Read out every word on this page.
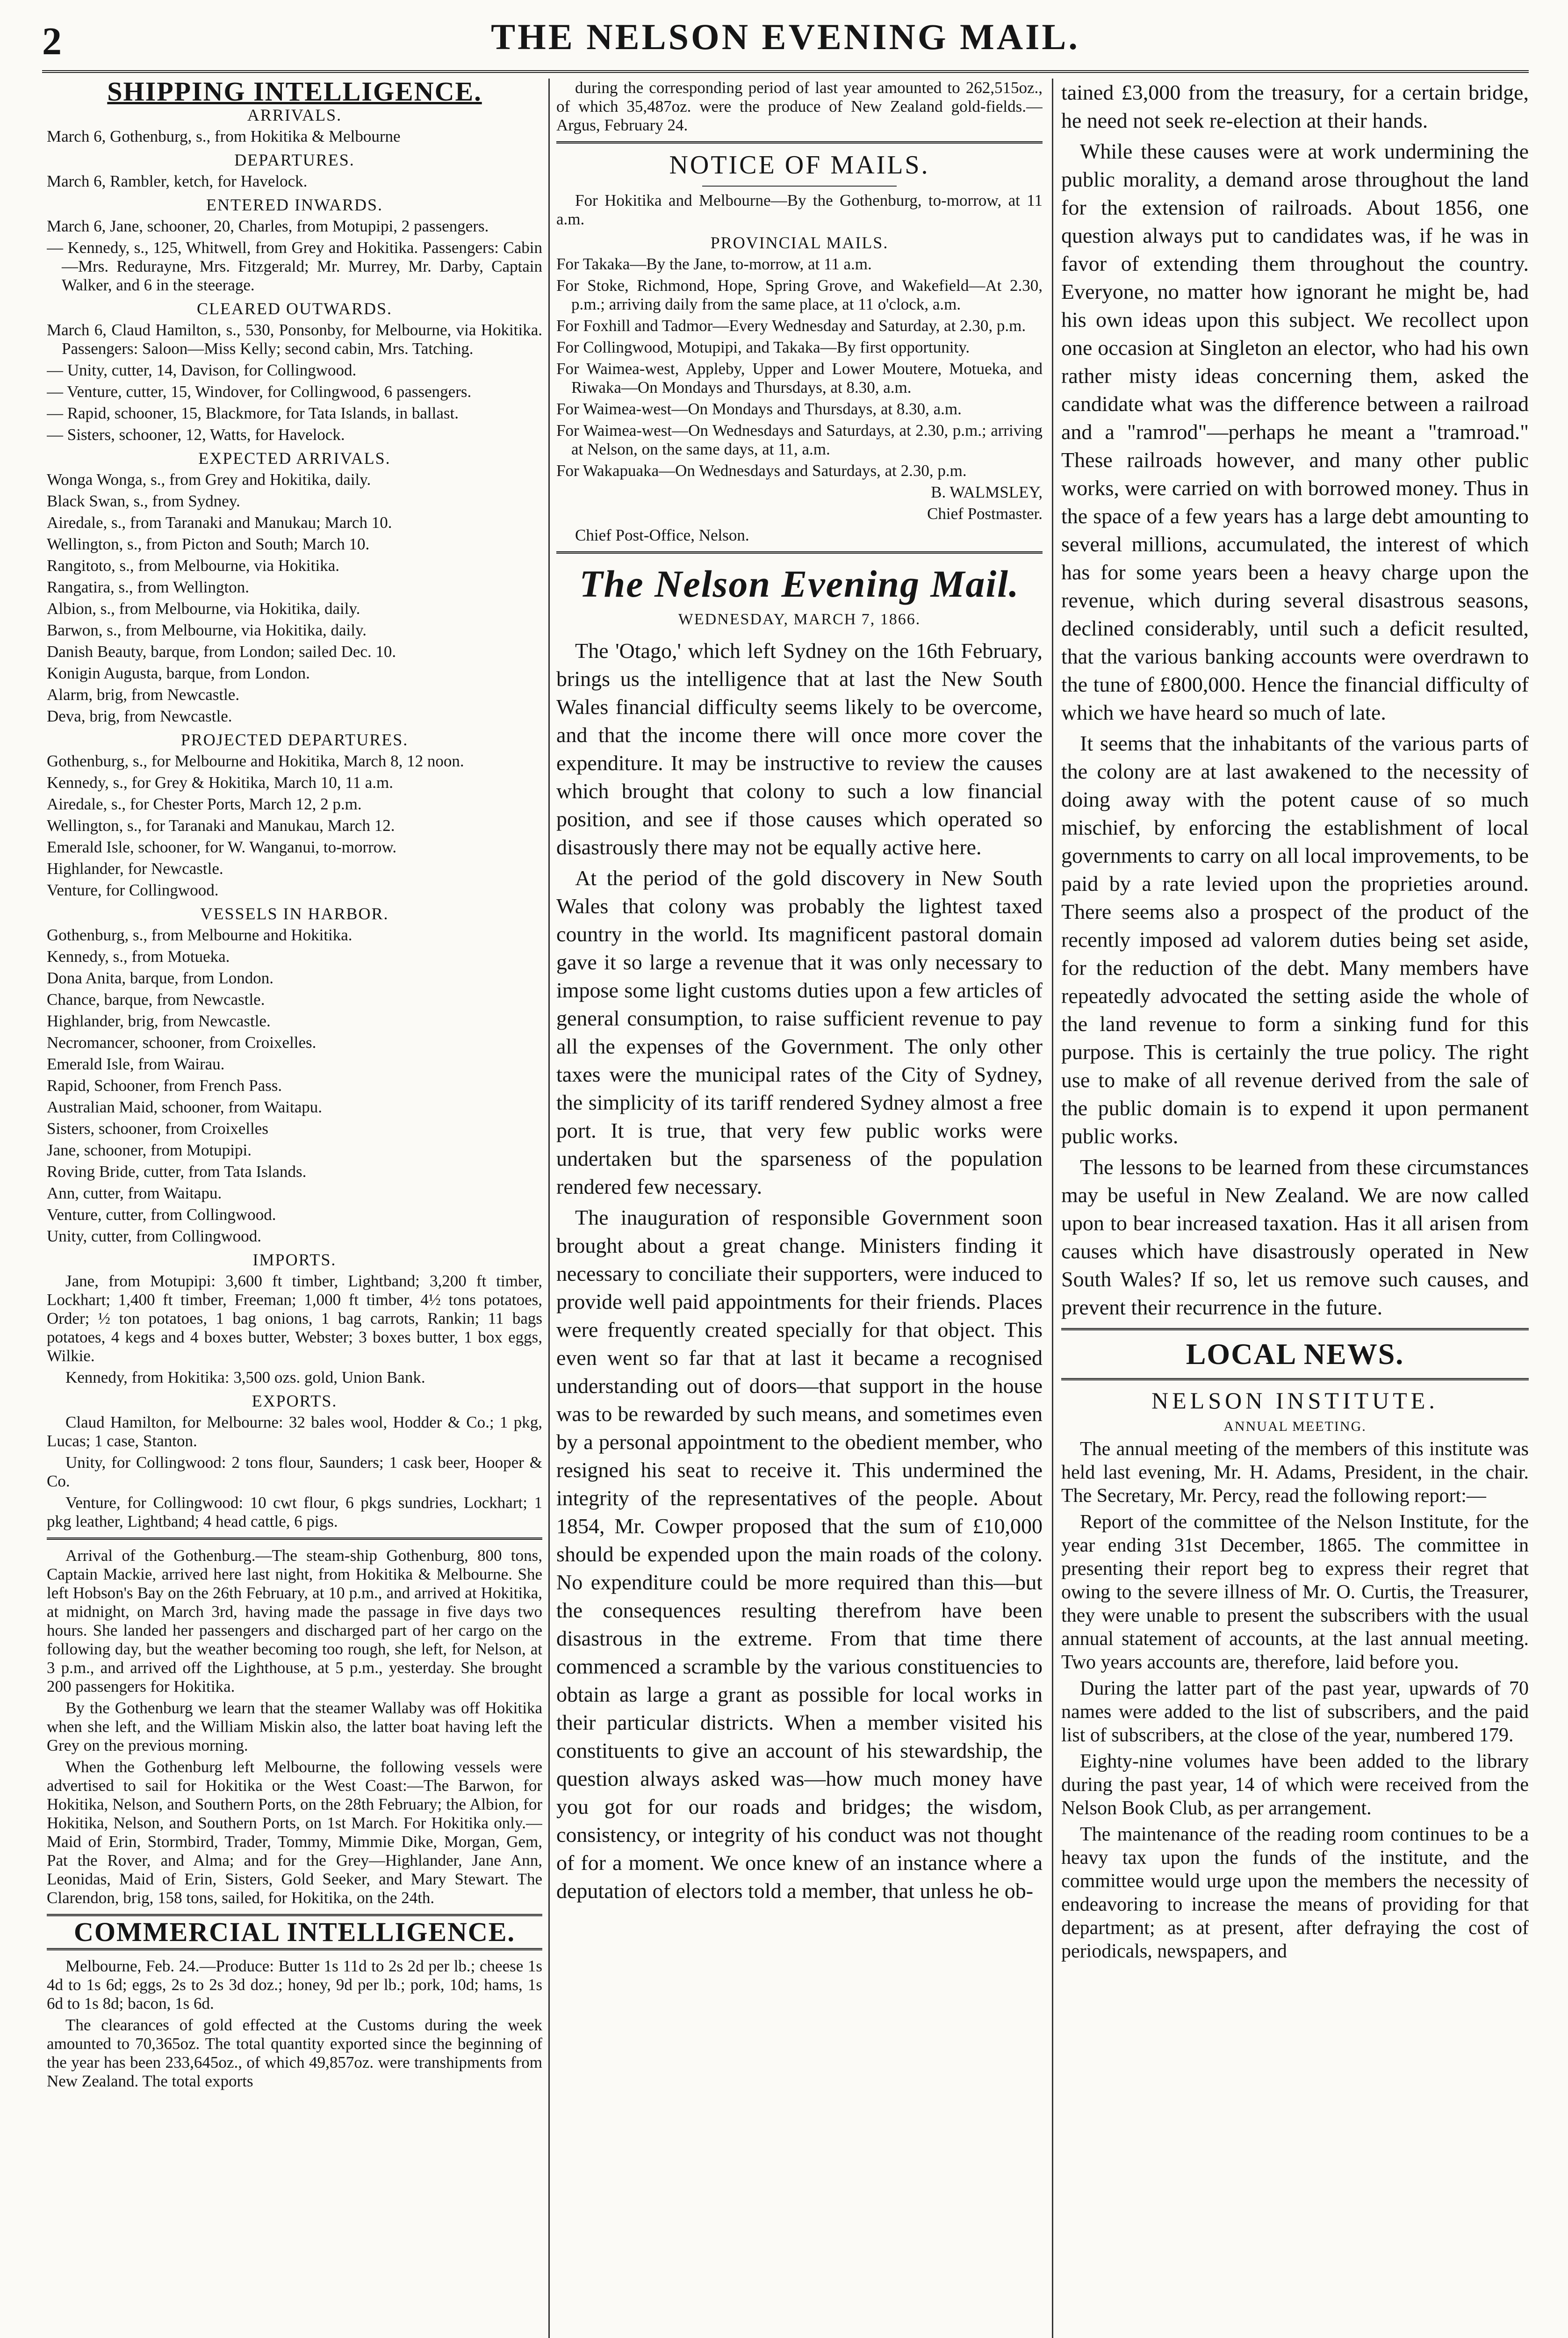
2	THE NELSON EVENING MAIL.
SHIPPING INTELLIGENCE.
ARRIVALS.

March 6, Gothenburg, s., from Hokitika & Melbourne

DEPARTURES.

March 6, Rambler, ketch, for Havelock.

ENTERED INWARDS.

March 6, Jane, schooner, 20, Charles, from Motupipi, 2 passengers.

— Kennedy, s., 125, Whitwell, from Grey and Hokitika. Passengers: Cabin—Mrs. Redurayne, Mrs. Fitzgerald; Mr. Murrey, Mr. Darby, Captain Walker, and 6 in the steerage.

CLEARED OUTWARDS.

March 6, Claud Hamilton, s., 530, Ponsonby, for Melbourne, via Hokitika. Passengers: Saloon—Miss Kelly; second cabin, Mrs. Tatching.

— Unity, cutter, 14, Davison, for Collingwood.

— Venture, cutter, 15, Windover, for Collingwood, 6 passengers.

— Rapid, schooner, 15, Blackmore, for Tata Islands, in ballast.

— Sisters, schooner, 12, Watts, for Havelock.

EXPECTED ARRIVALS.

Wonga Wonga, s., from Grey and Hokitika, daily.

Black Swan, s., from Sydney.

Airedale, s., from Taranaki and Manukau; March 10.

Wellington, s., from Picton and South; March 10.

Rangitoto, s., from Melbourne, via Hokitika.

Rangatira, s., from Wellington.

Albion, s., from Melbourne, via Hokitika, daily.

Barwon, s., from Melbourne, via Hokitika, daily.

Danish Beauty, barque, from London; sailed Dec. 10.

Konigin Augusta, barque, from London.

Alarm, brig, from Newcastle.

Deva, brig, from Newcastle.

PROJECTED DEPARTURES.

Gothenburg, s., for Melbourne and Hokitika, March 8, 12 noon.

Kennedy, s., for Grey & Hokitika, March 10, 11 a.m.

Airedale, s., for Chester Ports, March 12, 2 p.m.

Wellington, s., for Taranaki and Manukau, March 12.

Emerald Isle, schooner, for W. Wanganui, to-morrow.

Highlander, for Newcastle.

Venture, for Collingwood.

VESSELS IN HARBOR.

Gothenburg, s., from Melbourne and Hokitika.

Kennedy, s., from Motueka.

Dona Anita, barque, from London.

Chance, barque, from Newcastle.

Highlander, brig, from Newcastle.

Necromancer, schooner, from Croixelles.

Emerald Isle, from Wairau.

Rapid, Schooner, from French Pass.

Australian Maid, schooner, from Waitapu.

Sisters, schooner, from Croixelles

Jane, schooner, from Motupipi.

Roving Bride, cutter, from Tata Islands.

Ann, cutter, from Waitapu.

Venture, cutter, from Collingwood.

Unity, cutter, from Collingwood.

IMPORTS.

Jane, from Motupipi: 3,600 ft timber, Lightband; 3,200 ft timber, Lockhart; 1,400 ft timber, Freeman; 1,000 ft timber, 4½ tons potatoes, Order; ½ ton potatoes, 1 bag onions, 1 bag carrots, Rankin; 11 bags potatoes, 4 kegs and 4 boxes butter, Webster; 3 boxes butter, 1 box eggs, Wilkie.

Kennedy, from Hokitika: 3,500 ozs. gold, Union Bank.

EXPORTS.

Claud Hamilton, for Melbourne: 32 bales wool, Hodder & Co.; 1 pkg, Lucas; 1 case, Stanton.

Unity, for Collingwood: 2 tons flour, Saunders; 1 cask beer, Hooper & Co.

Venture, for Collingwood: 10 cwt flour, 6 pkgs sundries, Lockhart; 1 pkg leather, Lightband; 4 head cattle, 6 pigs.

Arrival of the Gothenburg.—The steam-ship Gothenburg, 800 tons, Captain Mackie, arrived here last night, from Hokitika & Melbourne. She left Hobson's Bay on the 26th February, at 10 p.m., and arrived at Hokitika, at midnight, on March 3rd, having made the passage in five days two hours. She landed her passengers and discharged part of her cargo on the following day, but the weather becoming too rough, she left, for Nelson, at 3 p.m., and arrived off the Lighthouse, at 5 p.m., yesterday. She brought 200 passengers for Hokitika.

By the Gothenburg we learn that the steamer Wallaby was off Hokitika when she left, and the William Miskin also, the latter boat having left the Grey on the previous morning.

When the Gothenburg left Melbourne, the following vessels were advertised to sail for Hokitika or the West Coast:—The Barwon, for Hokitika, Nelson, and Southern Ports, on the 28th February; the Albion, for Hokitika, Nelson, and Southern Ports, on 1st March. For Hokitika only.—Maid of Erin, Stormbird, Trader, Tommy, Mimmie Dike, Morgan, Gem, Pat the Rover, and Alma; and for the Grey—Highlander, Jane Ann, Leonidas, Maid of Erin, Sisters, Gold Seeker, and Mary Stewart. The Clarendon, brig, 158 tons, sailed, for Hokitika, on the 24th.

COMMERCIAL INTELLIGENCE.

Melbourne, Feb. 24.—Produce: Butter 1s 11d to 2s 2d per lb.; cheese 1s 4d to 1s 6d; eggs, 2s to 2s 3d doz.; honey, 9d per lb.; pork, 10d; hams, 1s 6d to 1s 8d; bacon, 1s 6d.

The clearances of gold effected at the Customs during the week amounted to 70,365oz. The total quantity exported since the beginning of the year has been 233,645oz., of which 49,857oz. were transhipments from New Zealand. The total exports

during the corresponding period of last year amounted to 262,515oz., of which 35,487oz. were the produce of New Zealand gold-fields.—Argus, February 24.

NOTICE OF MAILS.

For Hokitika and Melbourne—By the Gothenburg, to-morrow, at 11 a.m.

PROVINCIAL MAILS.

For Takaka—By the Jane, to-morrow, at 11 a.m.

For Stoke, Richmond, Hope, Spring Grove, and Wakefield—At 2.30, p.m.; arriving daily from the same place, at 11 o'clock, a.m.

For Foxhill and Tadmor—Every Wednesday and Saturday, at 2.30, p.m.

For Collingwood, Motupipi, and Takaka—By first opportunity.

For Waimea-west, Appleby, Upper and Lower Moutere, Motueka, and Riwaka—On Mondays and Thursdays, at 8.30, a.m.

For Waimea-west—On Mondays and Thursdays, at 8.30, a.m.

For Waimea-west—On Wednesdays and Saturdays, at 2.30, p.m.; arriving at Nelson, on the same days, at 11, a.m.

For Wakapuaka—On Wednesdays and Saturdays, at 2.30, p.m.

B. WALMSLEY,

Chief Postmaster.

Chief Post-Office, Nelson.

The Nelson Evening Mail.
WEDNESDAY, MARCH 7, 1866.

The 'Otago,' which left Sydney on the 16th February, brings us the intelligence that at last the New South Wales financial difficulty seems likely to be overcome, and that the income there will once more cover the expenditure. It may be instructive to review the causes which brought that colony to such a low financial position, and see if those causes which operated so disastrously there may not be equally active here.

At the period of the gold discovery in New South Wales that colony was probably the lightest taxed country in the world. Its magnificent pastoral domain gave it so large a revenue that it was only necessary to impose some light customs duties upon a few articles of general consumption, to raise sufficient revenue to pay all the expenses of the Government. The only other taxes were the municipal rates of the City of Sydney, the simplicity of its tariff rendered Sydney almost a free port. It is true, that very few public works were undertaken but the sparseness of the population rendered few necessary.

The inauguration of responsible Government soon brought about a great change. Ministers finding it necessary to conciliate their supporters, were induced to provide well paid appointments for their friends. Places were frequently created specially for that object. This even went so far that at last it became a recognised understanding out of doors—that support in the house was to be rewarded by such means, and sometimes even by a personal appointment to the obedient member, who resigned his seat to receive it. This undermined the integrity of the representatives of the people. About 1854, Mr. Cowper proposed that the sum of £10,000 should be expended upon the main roads of the colony. No expenditure could be more required than this—but the consequences resulting therefrom have been disastrous in the extreme. From that time there commenced a scramble by the various constituencies to obtain as large a grant as possible for local works in their particular districts. When a member visited his constituents to give an account of his stewardship, the question always asked was—how much money have you got for our roads and bridges; the wisdom, consistency, or integrity of his conduct was not thought of for a moment. We once knew of an instance where a deputation of electors told a member, that unless he ob-

tained £3,000 from the treasury, for a certain bridge, he need not seek re-election at their hands.

While these causes were at work undermining the public morality, a demand arose throughout the land for the extension of railroads. About 1856, one question always put to candidates was, if he was in favor of extending them throughout the country. Everyone, no matter how ignorant he might be, had his own ideas upon this subject. We recollect upon one occasion at Singleton an elector, who had his own rather misty ideas concerning them, asked the candidate what was the difference between a railroad and a "ramrod"—perhaps he meant a "tramroad." These railroads however, and many other public works, were carried on with borrowed money. Thus in the space of a few years has a large debt amounting to several millions, accumulated, the interest of which has for some years been a heavy charge upon the revenue, which during several disastrous seasons, declined considerably, until such a deficit resulted, that the various banking accounts were overdrawn to the tune of £800,000. Hence the financial difficulty of which we have heard so much of late.

It seems that the inhabitants of the various parts of the colony are at last awakened to the necessity of doing away with the potent cause of so much mischief, by enforcing the establishment of local governments to carry on all local improvements, to be paid by a rate levied upon the proprieties around. There seems also a prospect of the product of the recently imposed ad valorem duties being set aside, for the reduction of the debt. Many members have repeatedly advocated the setting aside the whole of the land revenue to form a sinking fund for this purpose. This is certainly the true policy. The right use to make of all revenue derived from the sale of the public domain is to expend it upon permanent public works.

The lessons to be learned from these circumstances may be useful in New Zealand. We are now called upon to bear increased taxation. Has it all arisen from causes which have disastrously operated in New South Wales? If so, let us remove such causes, and prevent their recurrence in the future.

LOCAL NEWS.
NELSON INSTITUTE.
ANNUAL MEETING.

The annual meeting of the members of this institute was held last evening, Mr. H. Adams, President, in the chair. The Secretary, Mr. Percy, read the following report:—

Report of the committee of the Nelson Institute, for the year ending 31st December, 1865. The committee in presenting their report beg to express their regret that owing to the severe illness of Mr. O. Curtis, the Treasurer, they were unable to present the subscribers with the usual annual statement of accounts, at the last annual meeting. Two years accounts are, therefore, laid before you.

During the latter part of the past year, upwards of 70 names were added to the list of subscribers, and the paid list of subscribers, at the close of the year, numbered 179.

Eighty-nine volumes have been added to the library during the past year, 14 of which were received from the Nelson Book Club, as per arrangement.

The maintenance of the reading room continues to be a heavy tax upon the funds of the institute, and the committee would urge upon the members the necessity of endeavoring to increase the means of providing for that department; as at present, after defraying the cost of periodicals, newspapers, and
